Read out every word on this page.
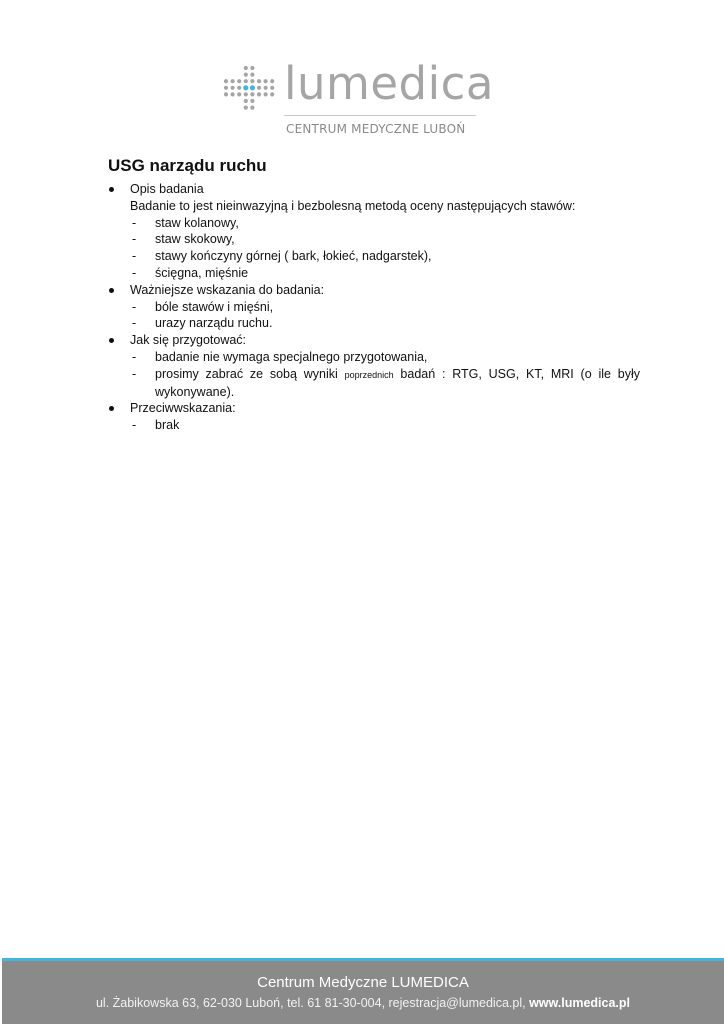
lumedica
CENTRUM MEDYCZNE LUBOŃ
USG narządu ruchu
Opis badania
Badanie to jest nieinwazyjną i bezbolesną metodą oceny następujących stawów:
- staw kolanowy,
- staw skokowy,
- stawy kończyny górnej ( bark, łokieć, nadgarstek),
- ścięgna, mięśnie
Ważniejsze wskazania do badania:
- bóle stawów i mięśni,
- urazy narządu ruchu.
Jak się przygotować:
- badanie nie wymaga specjalnego przygotowania,
- prosimy zabrać ze sobą wyniki poprzednich badań : RTG, USG, KT, MRI (o ile były wykonywane).
Przeciwwskazania:
- brak
Centrum Medyczne LUMEDICA
ul. Żabikowska 63, 62-030 Luboń, tel. 61 81-30-004, rejestracja@lumedica.pl, www.lumedica.pl
